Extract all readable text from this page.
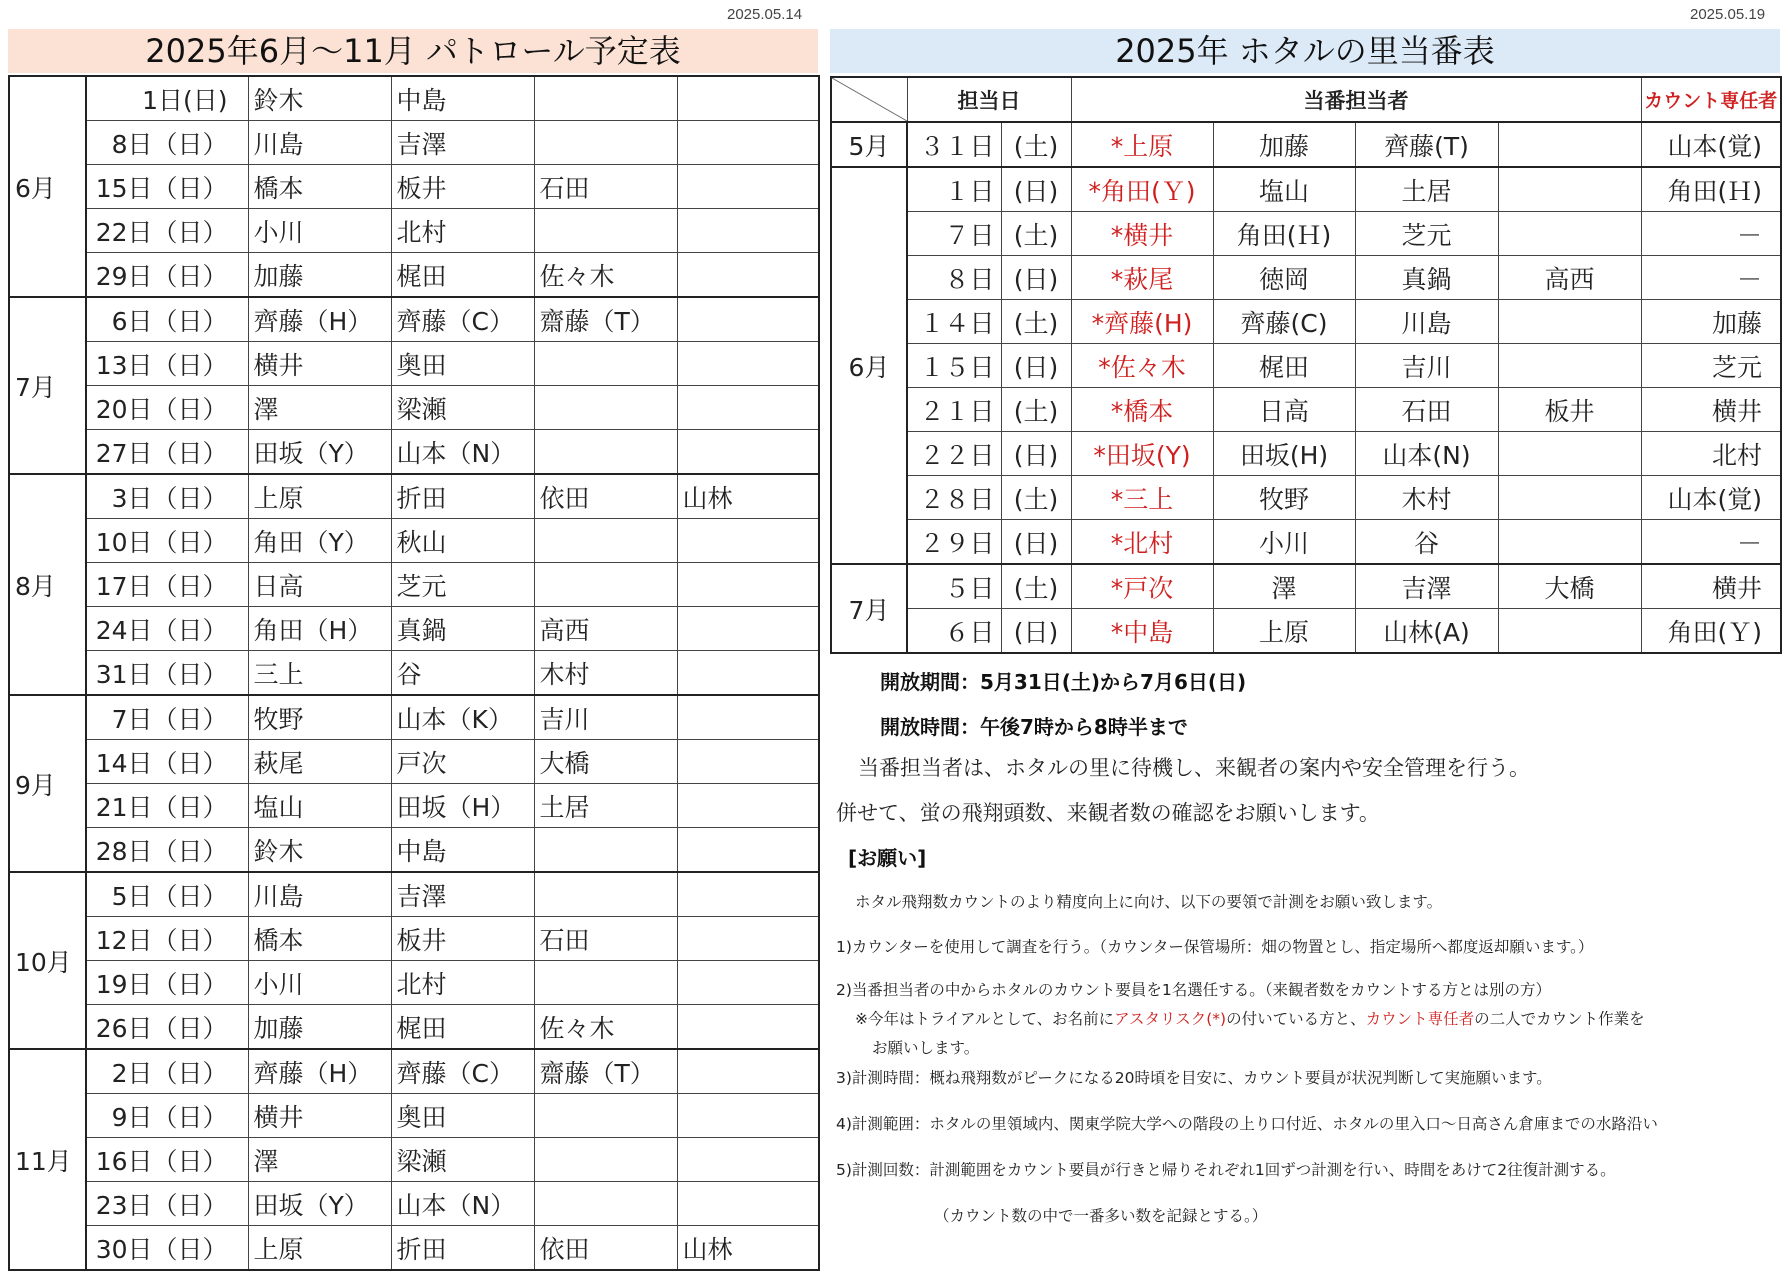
2025.05.14
2025年6月～11月 パトロール予定表
6月	1日(日)	鈴木	中島		
	8日（日）	川島	吉澤		
	15日（日）	橋本	板井	石田	
	22日（日）	小川	北村		
	29日（日）	加藤	梶田	佐々木	
7月	6日（日）	齊藤（H）	齊藤（C）	齋藤（T）	
	13日（日）	横井	奥田		
	20日（日）	澤	梁瀬		
	27日（日）	田坂（Y）	山本（N）		
8月	3日（日）	上原	折田	依田	山林
	10日（日）	角田（Y）	秋山		
	17日（日）	日高	芝元		
	24日（日）	角田（H）	真鍋	高西	
	31日（日）	三上	谷	木村	
9月	7日（日）	牧野	山本（K）	吉川	
	14日（日）	萩尾	戸次	大橋	
	21日（日）	塩山	田坂（H）	土居	
	28日（日）	鈴木	中島		
10月	5日（日）	川島	吉澤		
	12日（日）	橋本	板井	石田	
	19日（日）	小川	北村		
	26日（日）	加藤	梶田	佐々木	
11月	2日（日）	齊藤（H）	齊藤（C）	齋藤（T）	
	9日（日）	横井	奥田		
	16日（日）	澤	梁瀬		
	23日（日）	田坂（Y）	山本（N）		
	30日（日）	上原	折田	依田	山林
2025.05.19
2025年 ホタルの里当番表
	担当日		当番担当者				カウント専任者
5月	３１日	(土)	*上原	加藤	齊藤(T)		山本(覚)
6月	１日	(日)	*角田(Ｙ)	塩山	土居		角田(Ｈ)
	７日	(土)	*横井	角田(Ｈ)	芝元		－
	８日	(日)	*萩尾	徳岡	真鍋	高西	－
	１４日	(土)	*齊藤(H)	齊藤(C)	川島		加藤
	１５日	(日)	*佐々木	梶田	吉川		芝元
	２１日	(土)	*橋本	日高	石田	板井	横井
	２２日	(日)	*田坂(Y)	田坂(H)	山本(N)		北村
	２８日	(土)	*三上	牧野	木村		山本(覚)
	２９日	(日)	*北村	小川	谷		－
7月	５日	(土)	*戸次	澤	吉澤	大橋	横井
	６日	(日)	*中島	上原	山林(A)		角田(Ｙ)
開放期間：5月31日(土)から7月6日(日)
開放時間：午後7時から8時半まで
当番担当者は、ホタルの里に待機し、来観者の案内や安全管理を行う。
併せて、蛍の飛翔頭数、来観者数の確認をお願いします。
[お願い]
ホタル飛翔数カウントのより精度向上に向け、以下の要領で計測をお願い致します。
1)カウンターを使用して調査を行う。（カウンター保管場所：畑の物置とし、指定場所へ都度返却願います。）
2)当番担当者の中からホタルのカウント要員を1名選任する。（来観者数をカウントする方とは別の方）
※今年はトライアルとして、お名前にアスタリスク(*)の付いている方と、カウント専任者の二人でカウント作業を
お願いします。
3)計測時間：概ね飛翔数がピークになる20時頃を目安に、カウント要員が状況判断して実施願います。
4)計測範囲：ホタルの里領域内、関東学院大学への階段の上り口付近、ホタルの里入口～日高さん倉庫までの水路沿い
5)計測回数：計測範囲をカウント要員が行きと帰りそれぞれ1回ずつ計測を行い、時間をあけて2往復計測する。
（カウント数の中で一番多い数を記録とする。）
